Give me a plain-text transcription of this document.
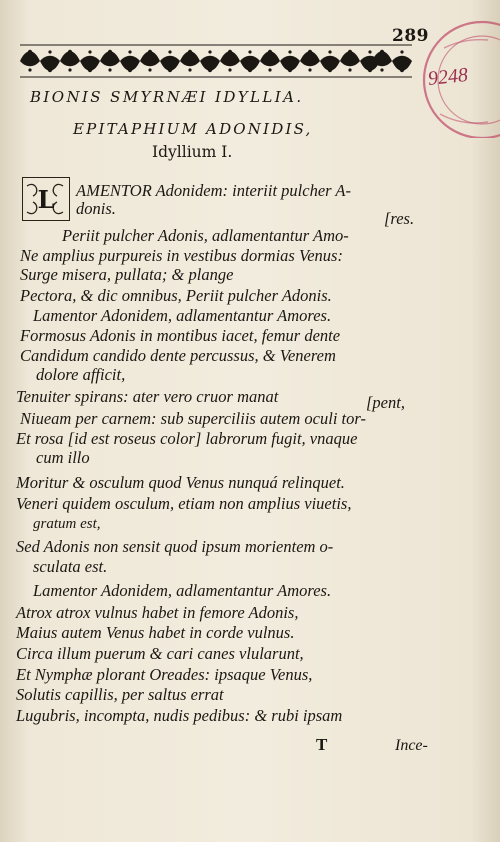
289
9248
BIONIS SMYRNÆI IDYLLIA.
EPITAPHIUM ADONIDIS,
Idyllium I.
L	AMENTOR Adonidem: interiit pulcher A-
donis.
[res.
Periit pulcher Adonis, adlamentantur Amo-
Ne amplius purpureis in vestibus dormias Venus:
Surge misera, pullata; & plange
Pectora, & dic omnibus, Periit pulcher Adonis.
Lamentor Adonidem, adlamentantur Amores.
Formosus Adonis in montibus iacet, femur dente
Candidum candido dente percussus, & Venerem
dolore afficit,
Tenuiter spirans: ater vero cruor manat	[pent,
Niueam per carnem: sub superciliis autem oculi tor-
Et rosa [id est roseus color] labrorum fugit, vnaque
cum illo
Moritur & osculum quod Venus nunquá relinquet.
Veneri quidem osculum, etiam non amplius viuetis,
gratum est,
Sed Adonis non sensit quod ipsum morientem o-
sculata est.
Lamentor Adonidem, adlamentantur Amores.
Atrox atrox vulnus habet in femore Adonis,
Maius autem Venus habet in corde vulnus.
Circa illum puerum & cari canes vlularunt,
Et Nymphæ plorant Oreades: ipsaque Venus,
Solutis capillis, per saltus errat
Lugubris, incompta, nudis pedibus: & rubi ipsam
T	Ince-
